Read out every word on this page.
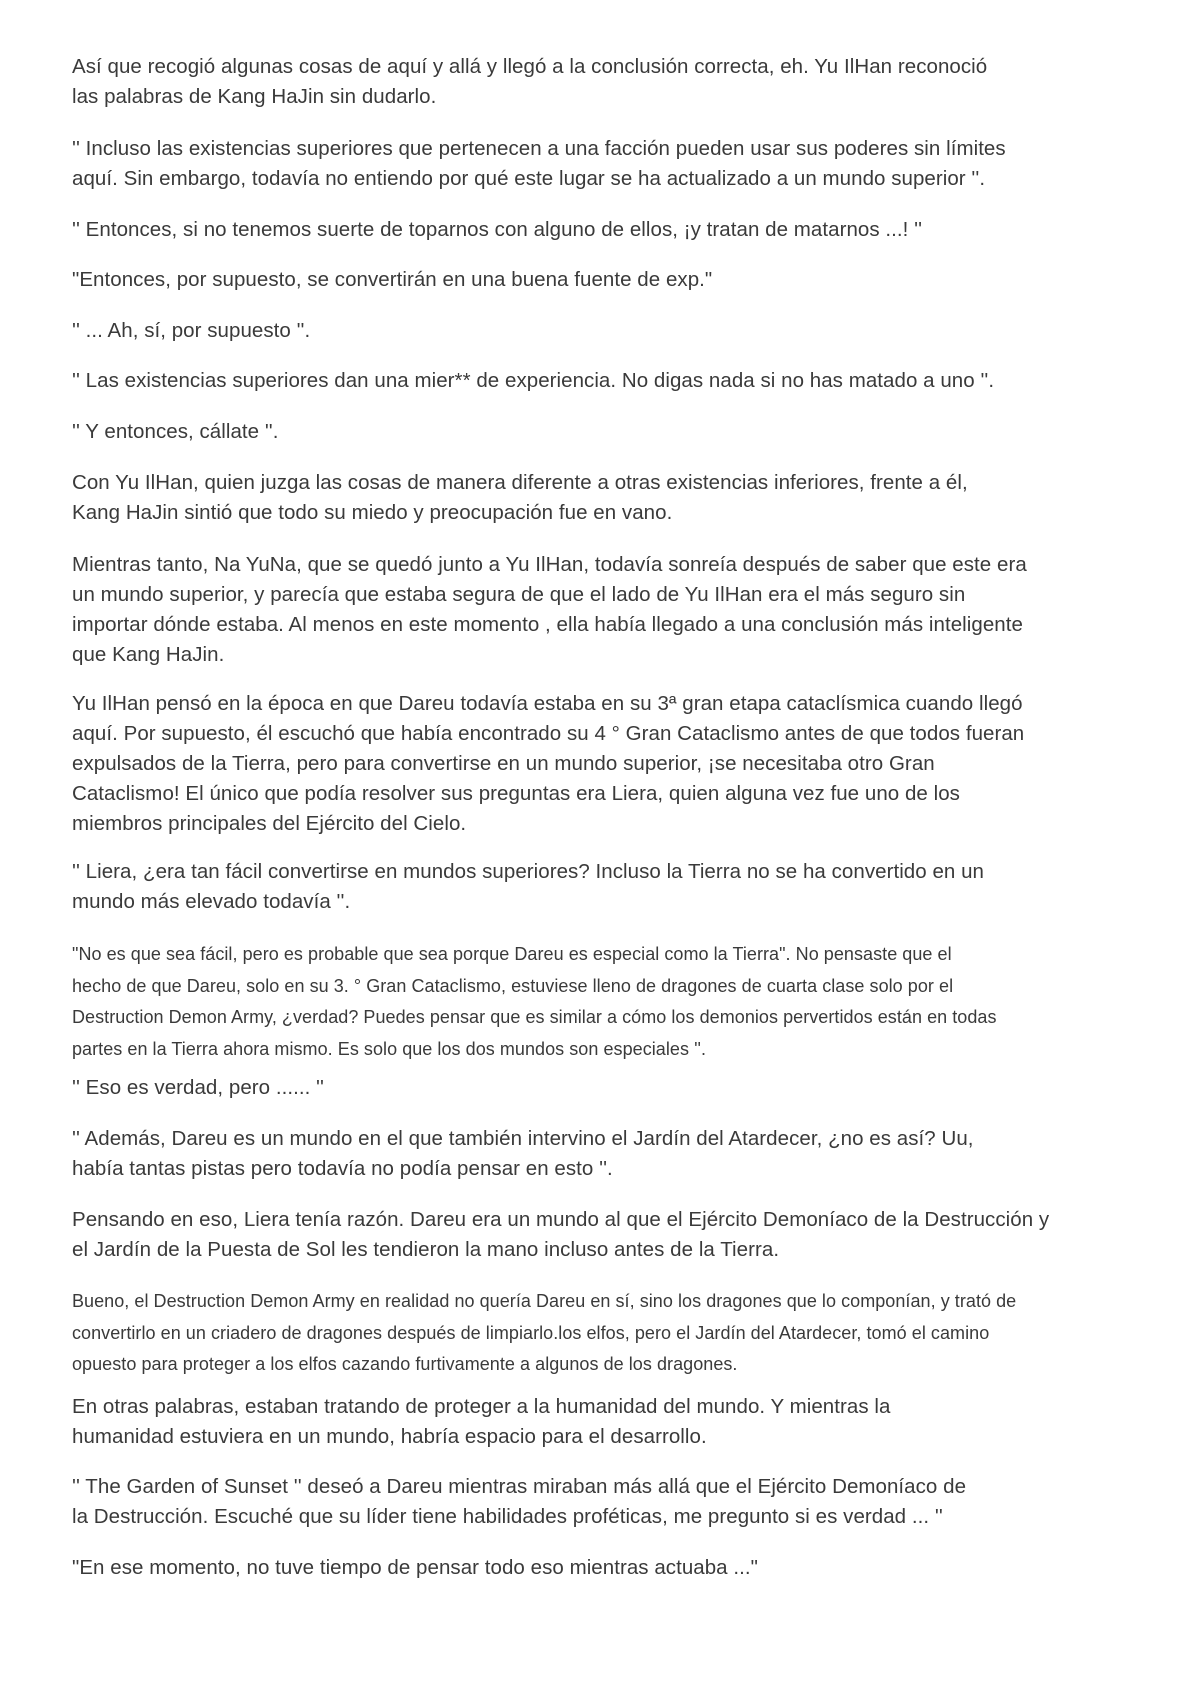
Así que recogió algunas cosas de aquí y allá y llegó a la conclusión correcta, eh. Yu IlHan reconoció
las palabras de Kang HaJin sin dudarlo.

'' Incluso las existencias superiores que pertenecen a una facción pueden usar sus poderes sin límites
aquí. Sin embargo, todavía no entiendo por qué este lugar se ha actualizado a un mundo superior ''.

'' Entonces, si no tenemos suerte de toparnos con alguno de ellos, ¡y tratan de matarnos ...! ''

"Entonces, por supuesto, se convertirán en una buena fuente de exp."

'' ... Ah, sí, por supuesto ''.

'' Las existencias superiores dan una mier** de experiencia. No digas nada si no has matado a uno ''.

'' Y entonces, cállate ''.

Con Yu IlHan, quien juzga las cosas de manera diferente a otras existencias inferiores, frente a él,
Kang HaJin sintió que todo su miedo y preocupación fue en vano.

Mientras tanto, Na YuNa, que se quedó junto a Yu IlHan, todavía sonreía después de saber que este era
un mundo superior, y parecía que estaba segura de que el lado de Yu IlHan era el más seguro sin
importar dónde estaba. Al menos en este momento , ella había llegado a una conclusión más inteligente
que Kang HaJin.

Yu IlHan pensó en la época en que Dareu todavía estaba en su 3ª gran etapa cataclísmica cuando llegó
aquí. Por supuesto, él escuchó que había encontrado su 4 ° Gran Cataclismo antes de que todos fueran
expulsados de la Tierra, pero para convertirse en un mundo superior, ¡se necesitaba otro Gran
Cataclismo! El único que podía resolver sus preguntas era Liera, quien alguna vez fue uno de los
miembros principales del Ejército del Cielo.

'' Liera, ¿era tan fácil convertirse en mundos superiores? Incluso la Tierra no se ha convertido en un
mundo más elevado todavía ''.

"No es que sea fácil, pero es probable que sea porque Dareu es especial como la Tierra". No pensaste que el
hecho de que Dareu, solo en su 3. ° Gran Cataclismo, estuviese lleno de dragones de cuarta clase solo por el
Destruction Demon Army, ¿verdad? Puedes pensar que es similar a cómo los demonios pervertidos están en todas
partes en la Tierra ahora mismo. Es solo que los dos mundos son especiales ''.

'' Eso es verdad, pero ...... ''

'' Además, Dareu es un mundo en el que también intervino el Jardín del Atardecer, ¿no es así? Uu,
había tantas pistas pero todavía no podía pensar en esto ''.

Pensando en eso, Liera tenía razón. Dareu era un mundo al que el Ejército Demoníaco de la Destrucción y
el Jardín de la Puesta de Sol les tendieron la mano incluso antes de la Tierra.

Bueno, el Destruction Demon Army en realidad no quería Dareu en sí, sino los dragones que lo componían, y trató de
convertirlo en un criadero de dragones después de limpiarlo.los elfos, pero el Jardín del Atardecer, tomó el camino
opuesto para proteger a los elfos cazando furtivamente a algunos de los dragones.

En otras palabras, estaban tratando de proteger a la humanidad del mundo. Y mientras la
humanidad estuviera en un mundo, habría espacio para el desarrollo.

'' The Garden of Sunset '' deseó a Dareu mientras miraban más allá que el Ejército Demoníaco de
la Destrucción. Escuché que su líder tiene habilidades proféticas, me pregunto si es verdad ... ''

"En ese momento, no tuve tiempo de pensar todo eso mientras actuaba ..."
